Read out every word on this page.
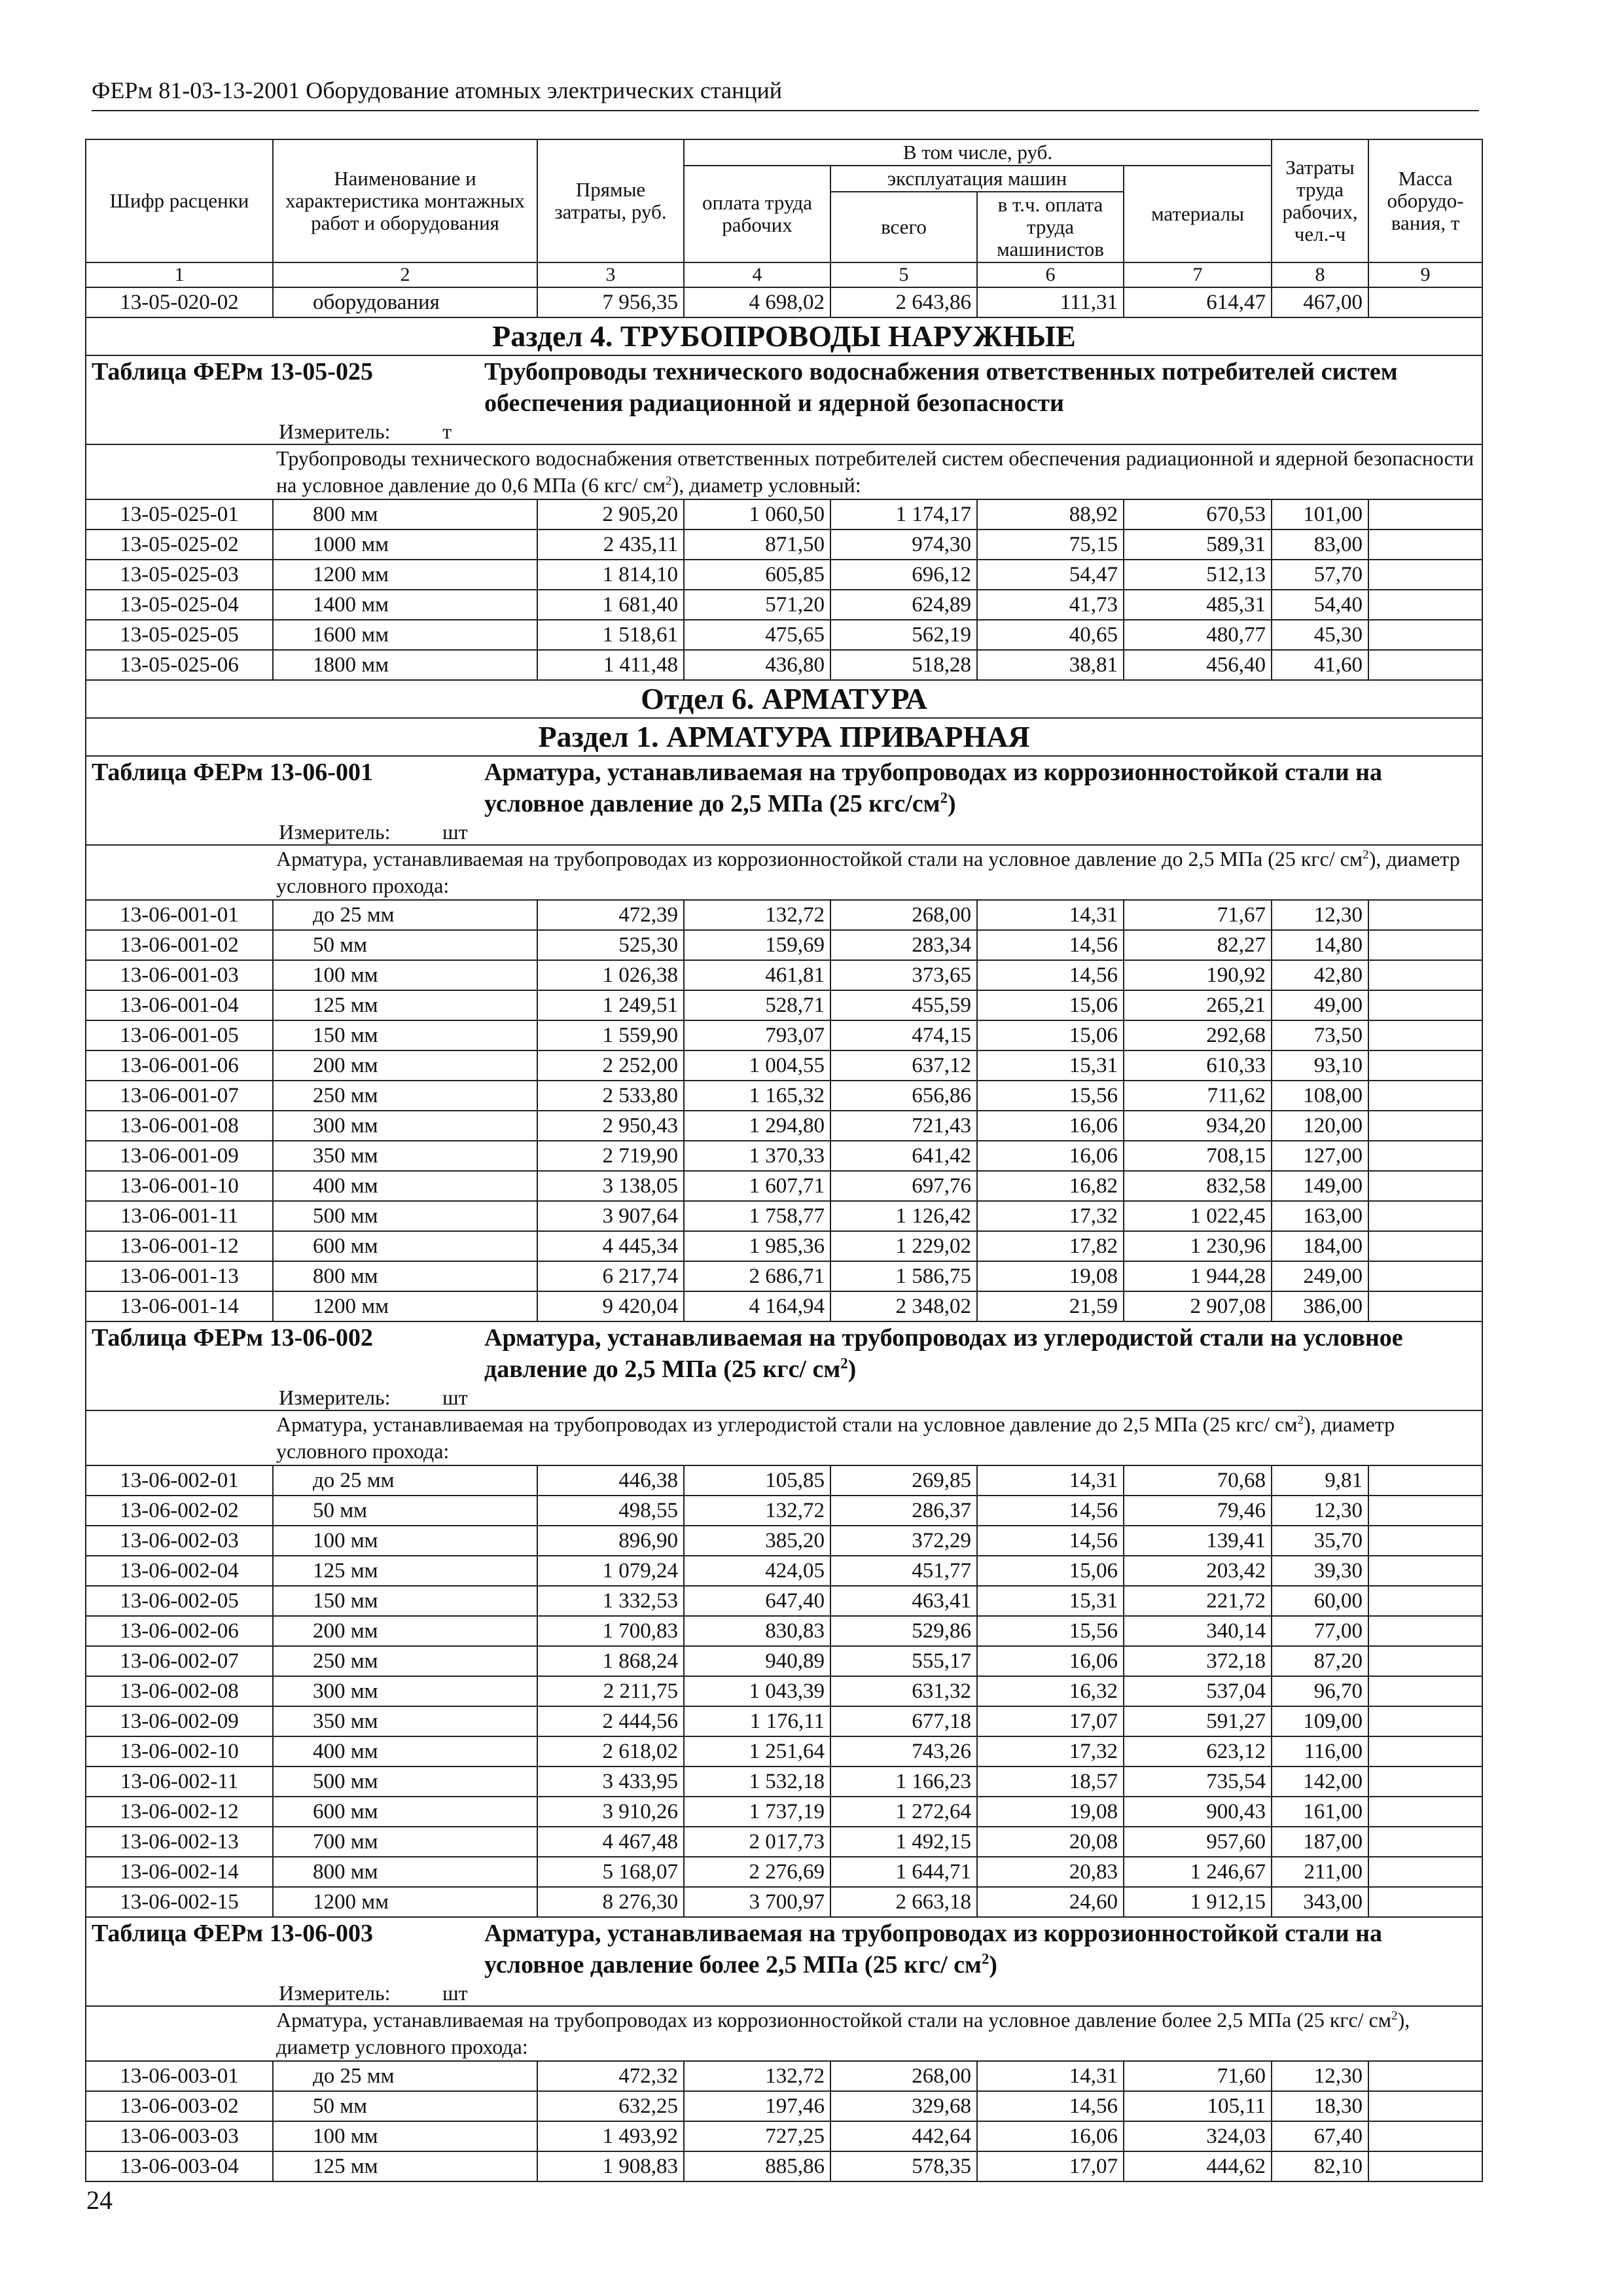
ФЕРм 81-03-13-2001 Оборудование атомных электрических станций
Шифр расценки	Наименование и характеристика монтажных работ и оборудования	Прямые затраты, руб.	В том числе, руб.				Затраты труда рабочих, чел.-ч	Масса оборудо-вания, т
			оплата труда рабочих	эксплуатация машин		материалы		
				всего	в т.ч. оплата труда машинистов			
1	2	3	4	5	6	7	8	9
13-05-020-02	оборудования	7 956,35	4 698,02	2 643,86	111,31	614,47	467,00	
Раздел 4. ТРУБОПРОВОДЫ НАРУЖНЫЕ								

Таблица ФЕРм 13-05-025 Трубопроводы технического водоснабжения ответственных потребителей систем обеспечения радиационной и ядерной безопасности								

Измеритель: т								

Трубопроводы технического водоснабжения ответственных потребителей систем обеспечения радиационной и ядерной безопасности на условное давление до 0,6 МПа (6 кгс/ $см^2$), диаметр условный:								
13-05-025-01	800 мм	2 905,20	1 060,50	1 174,17	88,92	670,53	101,00	
13-05-025-02	1000 мм	2 435,11	871,50	974,30	75,15	589,31	83,00	
13-05-025-03	1200 мм	1 814,10	605,85	696,12	54,47	512,13	57,70	
13-05-025-04	1400 мм	1 681,40	571,20	624,89	41,73	485,31	54,40	
13-05-025-05	1600 мм	1 518,61	475,65	562,19	40,65	480,77	45,30	
13-05-025-06	1800 мм	1 411,48	436,80	518,28	38,81	456,40	41,60	
Отдел 6. АРМАТУРА								
Раздел 1. АРМАТУРА ПРИВАРНАЯ								

Таблица ФЕРм 13-06-001 Арматура, устанавливаемая на трубопроводах из коррозионностойкой стали на условное давление до 2,5 МПа (25 кгс/$см^2$)								

Измеритель: шт								

Арматура, устанавливаемая на трубопроводах из коррозионностойкой стали на условное давление до 2,5 МПа (25 кгс/ $см^2$), диаметр условного прохода:								
13-06-001-01	до 25 мм	472,39	132,72	268,00	14,31	71,67	12,30	
13-06-001-02	50 мм	525,30	159,69	283,34	14,56	82,27	14,80	
13-06-001-03	100 мм	1 026,38	461,81	373,65	14,56	190,92	42,80	
13-06-001-04	125 мм	1 249,51	528,71	455,59	15,06	265,21	49,00	
13-06-001-05	150 мм	1 559,90	793,07	474,15	15,06	292,68	73,50	
13-06-001-06	200 мм	2 252,00	1 004,55	637,12	15,31	610,33	93,10	
13-06-001-07	250 мм	2 533,80	1 165,32	656,86	15,56	711,62	108,00	
13-06-001-08	300 мм	2 950,43	1 294,80	721,43	16,06	934,20	120,00	
13-06-001-09	350 мм	2 719,90	1 370,33	641,42	16,06	708,15	127,00	
13-06-001-10	400 мм	3 138,05	1 607,71	697,76	16,82	832,58	149,00	
13-06-001-11	500 мм	3 907,64	1 758,77	1 126,42	17,32	1 022,45	163,00	
13-06-001-12	600 мм	4 445,34	1 985,36	1 229,02	17,82	1 230,96	184,00	
13-06-001-13	800 мм	6 217,74	2 686,71	1 586,75	19,08	1 944,28	249,00	
13-06-001-14	1200 мм	9 420,04	4 164,94	2 348,02	21,59	2 907,08	386,00	

Таблица ФЕРм 13-06-002 Арматура, устанавливаемая на трубопроводах из углеродистой стали на условное давление до 2,5 МПа (25 кгс/ $см^2$)								

Измеритель: шт								

Арматура, устанавливаемая на трубопроводах из углеродистой стали на условное давление до 2,5 МПа (25 кгс/ $см^2$), диаметр условного прохода:								
13-06-002-01	до 25 мм	446,38	105,85	269,85	14,31	70,68	9,81	
13-06-002-02	50 мм	498,55	132,72	286,37	14,56	79,46	12,30	
13-06-002-03	100 мм	896,90	385,20	372,29	14,56	139,41	35,70	
13-06-002-04	125 мм	1 079,24	424,05	451,77	15,06	203,42	39,30	
13-06-002-05	150 мм	1 332,53	647,40	463,41	15,31	221,72	60,00	
13-06-002-06	200 мм	1 700,83	830,83	529,86	15,56	340,14	77,00	
13-06-002-07	250 мм	1 868,24	940,89	555,17	16,06	372,18	87,20	
13-06-002-08	300 мм	2 211,75	1 043,39	631,32	16,32	537,04	96,70	
13-06-002-09	350 мм	2 444,56	1 176,11	677,18	17,07	591,27	109,00	
13-06-002-10	400 мм	2 618,02	1 251,64	743,26	17,32	623,12	116,00	
13-06-002-11	500 мм	3 433,95	1 532,18	1 166,23	18,57	735,54	142,00	
13-06-002-12	600 мм	3 910,26	1 737,19	1 272,64	19,08	900,43	161,00	
13-06-002-13	700 мм	4 467,48	2 017,73	1 492,15	20,08	957,60	187,00	
13-06-002-14	800 мм	5 168,07	2 276,69	1 644,71	20,83	1 246,67	211,00	
13-06-002-15	1200 мм	8 276,30	3 700,97	2 663,18	24,60	1 912,15	343,00	

Таблица ФЕРм 13-06-003 Арматура, устанавливаемая на трубопроводах из коррозионностойкой стали на условное давление более 2,5 МПа (25 кгс/ $см^2$)								

Измеритель: шт								

Арматура, устанавливаемая на трубопроводах из коррозионностойкой стали на условное давление более 2,5 МПа (25 кгс/ $см^2$), диаметр условного прохода:								
13-06-003-01	до 25 мм	472,32	132,72	268,00	14,31	71,60	12,30	
13-06-003-02	50 мм	632,25	197,46	329,68	14,56	105,11	18,30	
13-06-003-03	100 мм	1 493,92	727,25	442,64	16,06	324,03	67,40	
13-06-003-04	125 мм	1 908,83	885,86	578,35	17,07	444,62	82,10	
24
